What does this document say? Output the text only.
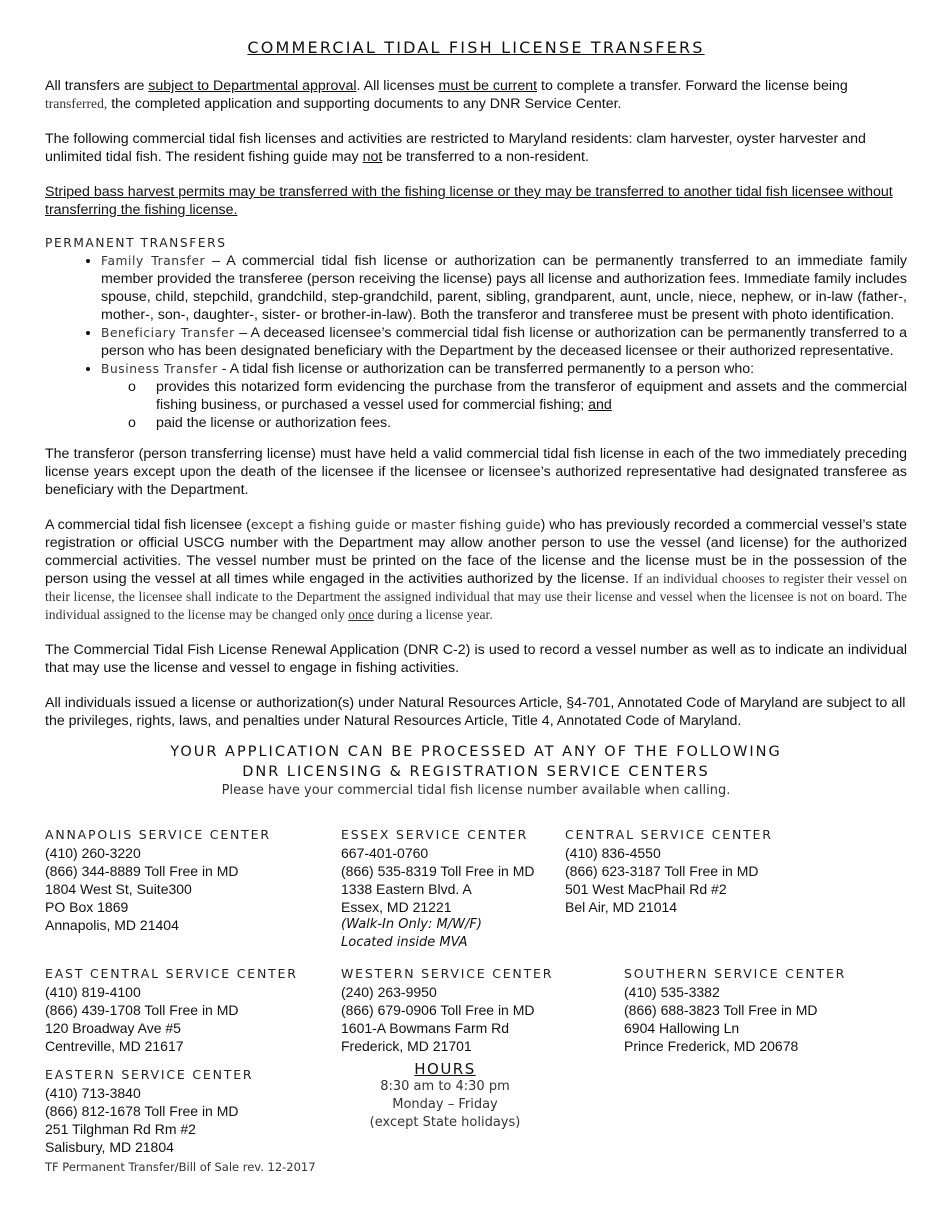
COMMERCIAL TIDAL FISH LICENSE TRANSFERS

All transfers are subject to Departmental approval. All licenses must be current to complete a transfer. Forward the license being transferred, the completed application and supporting documents to any DNR Service Center.

The following commercial tidal fish licenses and activities are restricted to Maryland residents: clam harvester, oyster harvester and unlimited tidal fish. The resident fishing guide may not be transferred to a non-resident.

Striped bass harvest permits may be transferred with the fishing license or they may be transferred to another tidal fish licensee without transferring the fishing license.

PERMANENT TRANSFERS

• Family Transfer – A commercial tidal fish license or authorization can be permanently transferred to an immediate family member provided the transferee (person receiving the license) pays all license and authorization fees. Immediate family includes spouse, child, stepchild, grandchild, step-grandchild, parent, sibling, grandparent, aunt, uncle, niece, nephew, or in-law (father-, mother-, son-, daughter-, sister- or brother-in-law). Both the transferor and transferee must be present with photo identification.
• Beneficiary Transfer – A deceased licensee’s commercial tidal fish license or authorization can be permanently transferred to a person who has been designated beneficiary with the Department by the deceased licensee or their authorized representative.
• Business Transfer - A tidal fish license or authorization can be transferred permanently to a person who:
o provides this notarized form evidencing the purchase from the transferor of equipment and assets and the commercial fishing business, or purchased a vessel used for commercial fishing; and
o paid the license or authorization fees.

The transferor (person transferring license) must have held a valid commercial tidal fish license in each of the two immediately preceding license years except upon the death of the licensee if the licensee or licensee’s authorized representative had designated transferee as beneficiary with the Department.

A commercial tidal fish licensee (except a fishing guide or master fishing guide) who has previously recorded a commercial vessel’s state registration or official USCG number with the Department may allow another person to use the vessel (and license) for the authorized commercial activities. The vessel number must be printed on the face of the license and the license must be in the possession of the person using the vessel at all times while engaged in the activities authorized by the license. If an individual chooses to register their vessel on their license, the licensee shall indicate to the Department the assigned individual that may use their license and vessel when the licensee is not on board. The individual assigned to the license may be changed only once during a license year.

The Commercial Tidal Fish License Renewal Application (DNR C-2) is used to record a vessel number as well as to indicate an individual that may use the license and vessel to engage in fishing activities.

All individuals issued a license or authorization(s) under Natural Resources Article, §4-701, Annotated Code of Maryland are subject to all the privileges, rights, laws, and penalties under Natural Resources Article, Title 4, Annotated Code of Maryland.

YOUR APPLICATION CAN BE PROCESSED AT ANY OF THE FOLLOWING

DNR LICENSING & REGISTRATION SERVICE CENTERS

Please have your commercial tidal fish license number available when calling.

ANNAPOLIS SERVICE CENTER
(410) 260-3220
(866) 344-8889 Toll Free in MD
1804 West St, Suite300
PO Box 1869
Annapolis, MD 21404
ESSEX SERVICE CENTER
667-401-0760
(866) 535-8319 Toll Free in MD
1338 Eastern Blvd. A
Essex, MD 21221
(Walk-In Only: M/W/F)
Located inside MVA
CENTRAL SERVICE CENTER
(410) 836-4550
(866) 623-3187 Toll Free in MD
501 West MacPhail Rd #2
Bel Air, MD 21014
EAST CENTRAL SERVICE CENTER
(410) 819-4100
(866) 439-1708 Toll Free in MD
120 Broadway Ave #5
Centreville, MD 21617
WESTERN SERVICE CENTER
(240) 263-9950
(866) 679-0906 Toll Free in MD
1601-A Bowmans Farm Rd
Frederick, MD 21701
SOUTHERN SERVICE CENTER
(410) 535-3382
(866) 688-3823 Toll Free in MD
6904 Hallowing Ln
Prince Frederick, MD 20678
EASTERN SERVICE CENTER
(410) 713-3840
(866) 812-1678 Toll Free in MD
251 Tilghman Rd Rm #2
Salisbury, MD 21804
HOURS
8:30 am to 4:30 pm
Monday – Friday
(except State holidays)
TF Permanent Transfer/Bill of Sale rev. 12-2017
